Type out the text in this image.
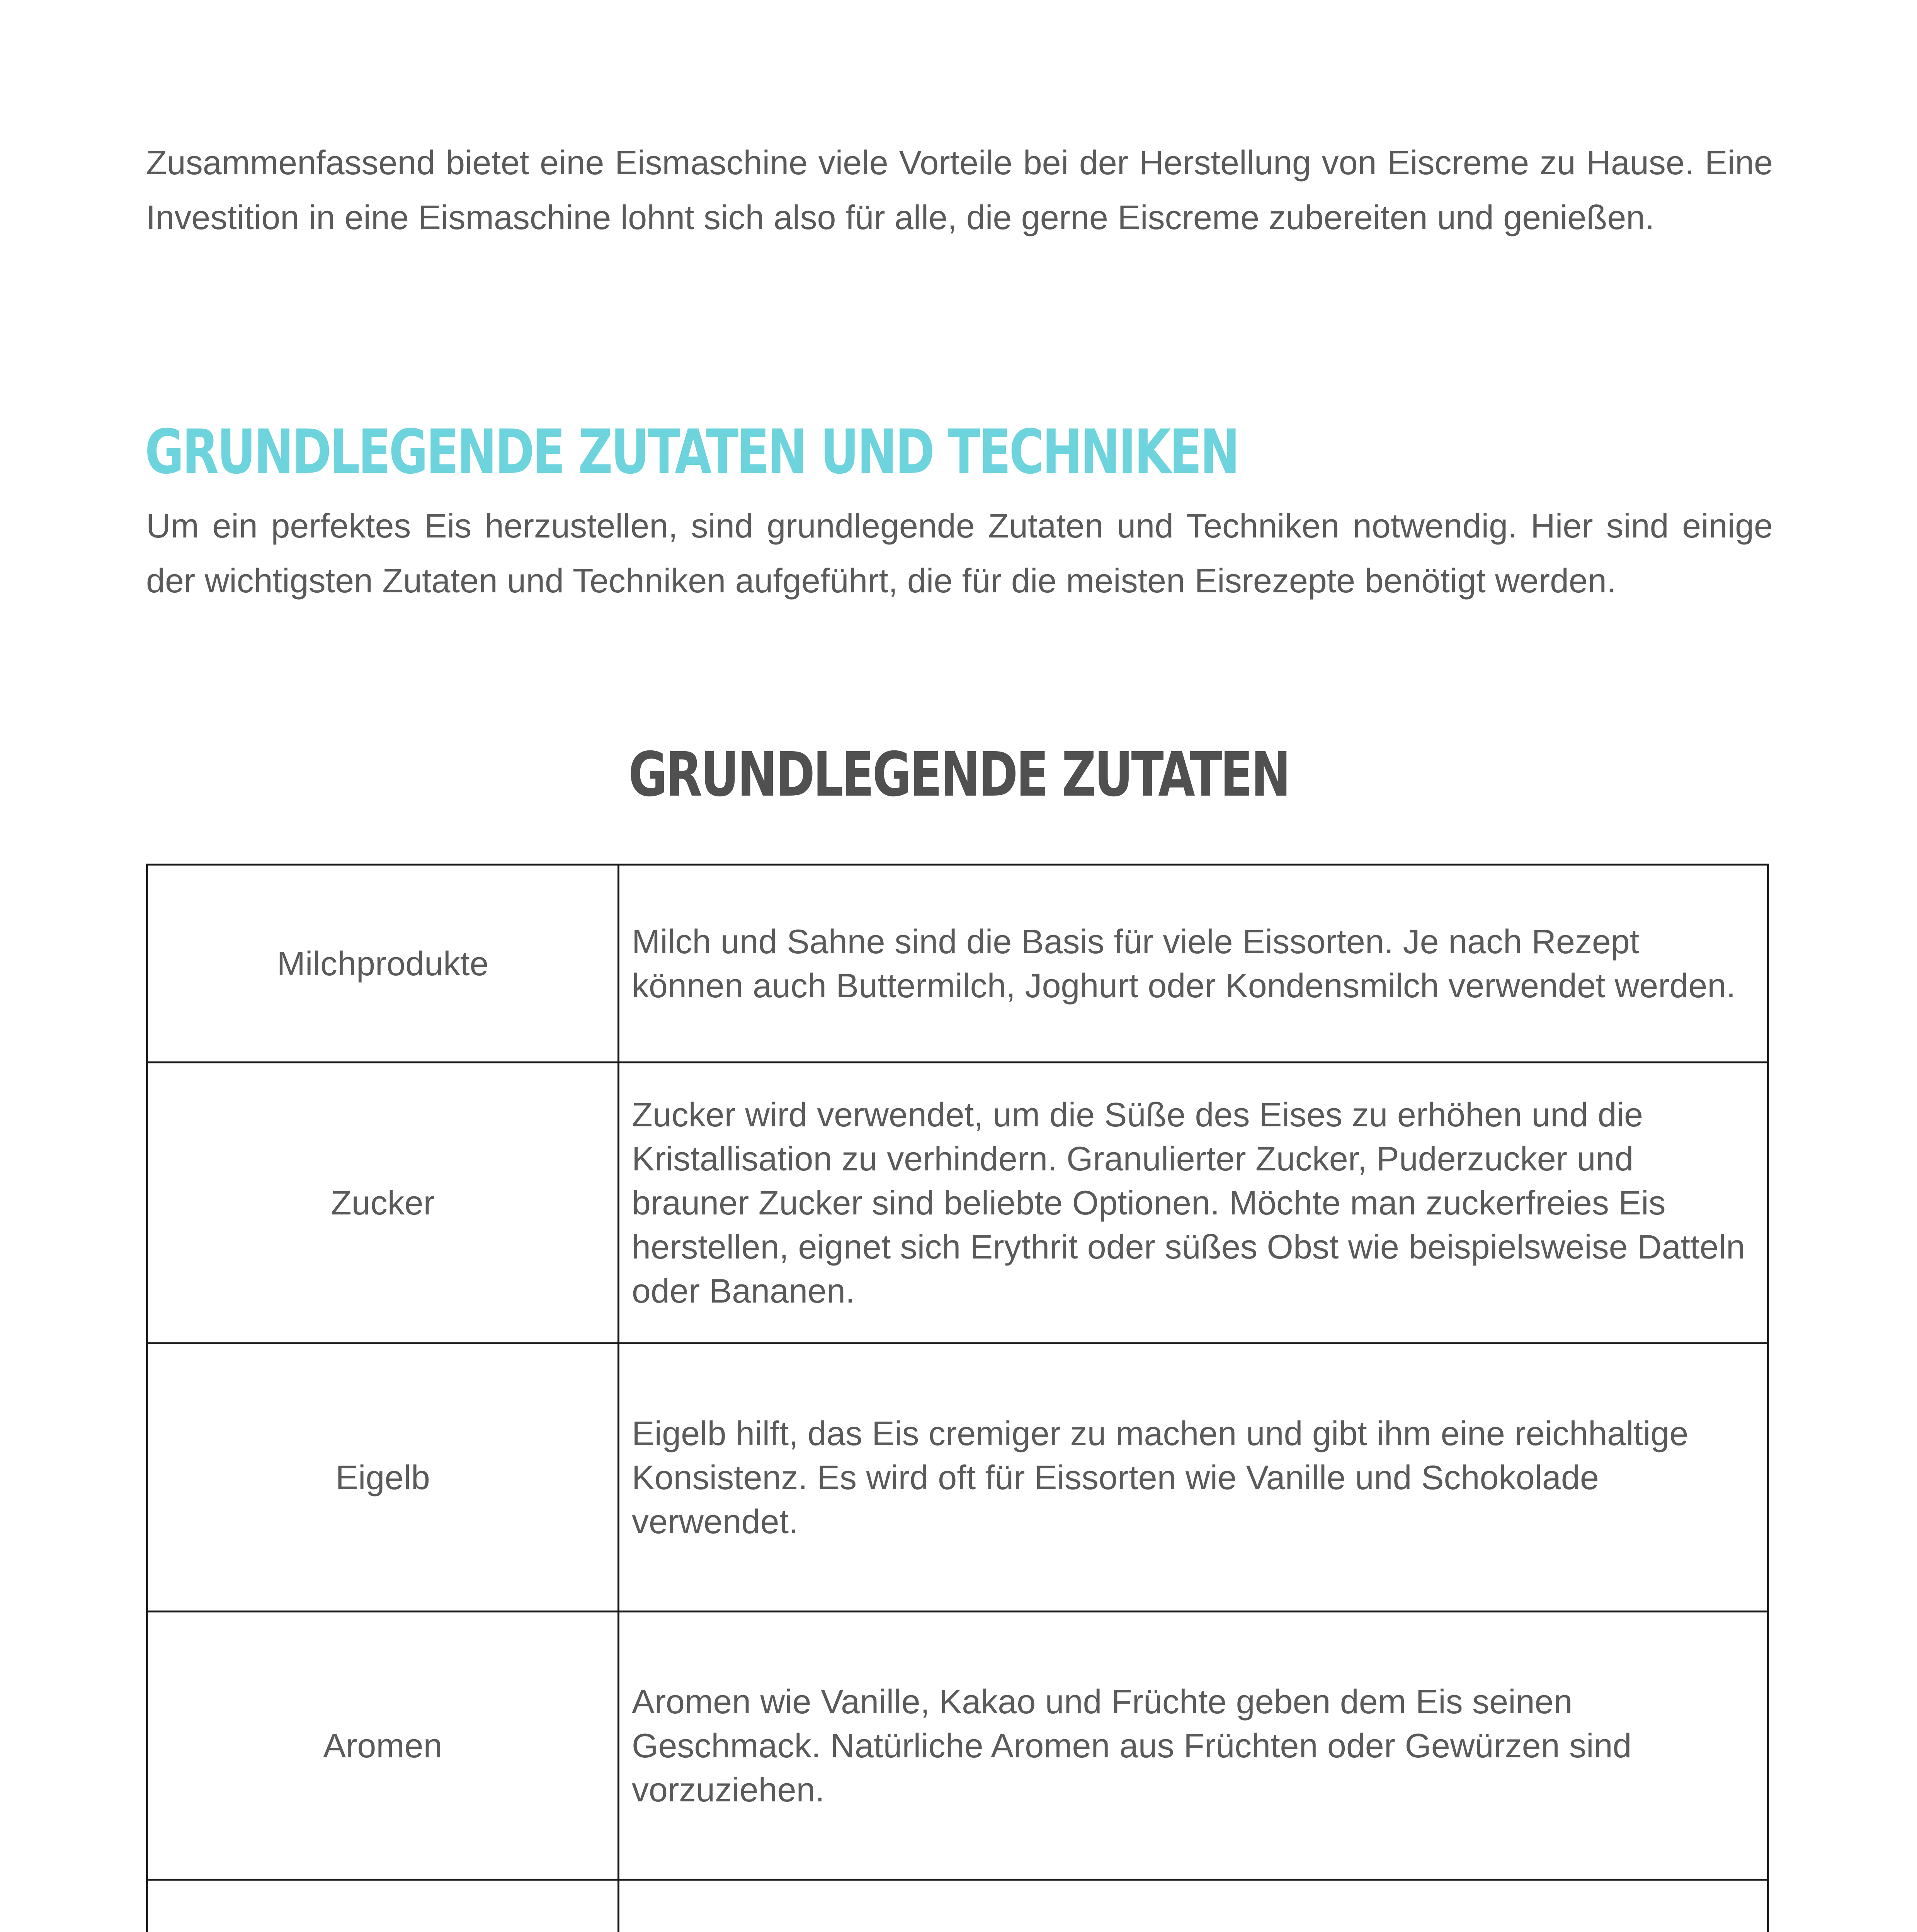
Zusammenfassend bietet eine Eismaschine viele Vorteile bei der Herstellung von Eiscreme zu Hause. Eine Investition in eine Eismaschine lohnt sich also für alle, die gerne Eiscreme zubereiten und genießen.

GRUNDLEGENDE ZUTATEN UND TECHNIKEN

Um ein perfektes Eis herzustellen, sind grundlegende Zutaten und Techniken notwendig. Hier sind einige der wichtigsten Zutaten und Techniken aufgeführt, die für die meisten Eisrezepte benötigt werden.

GRUNDLEGENDE ZUTATEN
Milchprodukte	Milch und Sahne sind die Basis für viele Eissorten. Je nach Rezept können auch Buttermilch, Joghurt oder Kondensmilch verwendet werden.
Zucker	Zucker wird verwendet, um die Süße des Eises zu erhöhen und die Kristallisation zu verhindern. Granulierter Zucker, Puderzucker und brauner Zucker sind beliebte Optionen. Möchte man zuckerfreies Eis herstellen, eignet sich Erythrit oder süßes Obst wie beispielsweise Datteln oder Bananen.
Eigelb	Eigelb hilft, das Eis cremiger zu machen und gibt ihm eine reichhaltige Konsistenz. Es wird oft für Eissorten wie Vanille und Schokolade verwendet.
Aromen	Aromen wie Vanille, Kakao und Früchte geben dem Eis seinen Geschmack. Natürliche Aromen aus Früchten oder Gewürzen sind vorzuziehen.
